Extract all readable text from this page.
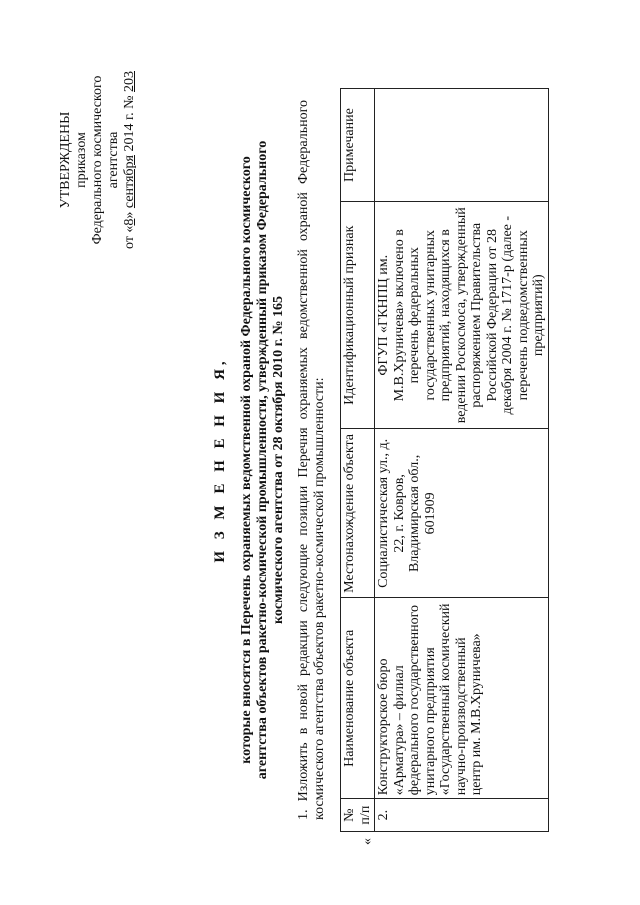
УТВЕРЖДЕНЫ приказом Федерального космического агентства
от «8» сентября 2014 г. № 203
И З М Е Н Е Н И Я, которые вносятся в Перечень охраняемых ведомственной охраной Федерального космического агентства объектов ракетно-космической промышленности, утвержденный приказом Федерального космического агентства от 28 октября 2010 г. № 165 1. Изложить в новой редакции следующие позиции Перечня охраняемых ведомственной охраной Федерального космического агентства объектов ракетно-космической промышленности:
«
№ п/п	Наименование объекта	Местонахождение объекта	Идентификационный признак	Примечание
2.	Конструкторское бюро «Арматура» – филиал федерального государственного унитарного предприятия «Государственный космический научно-производственный центр им. М.В.Хруничева»	Социалистическая ул., д. 22, г. Ковров, Владимирская обл., 601909	ФГУП «ГКНПЦ им. М.В.Хруничева» включено в перечень федеральных государственных унитарных предприятий, находящихся в ведении Роскосмоса, утвержденный распоряжением Правительства Российской Федерации от 28 декабря 2004 г. № 1717-р (далее - перечень подведомственных предприятий)	
